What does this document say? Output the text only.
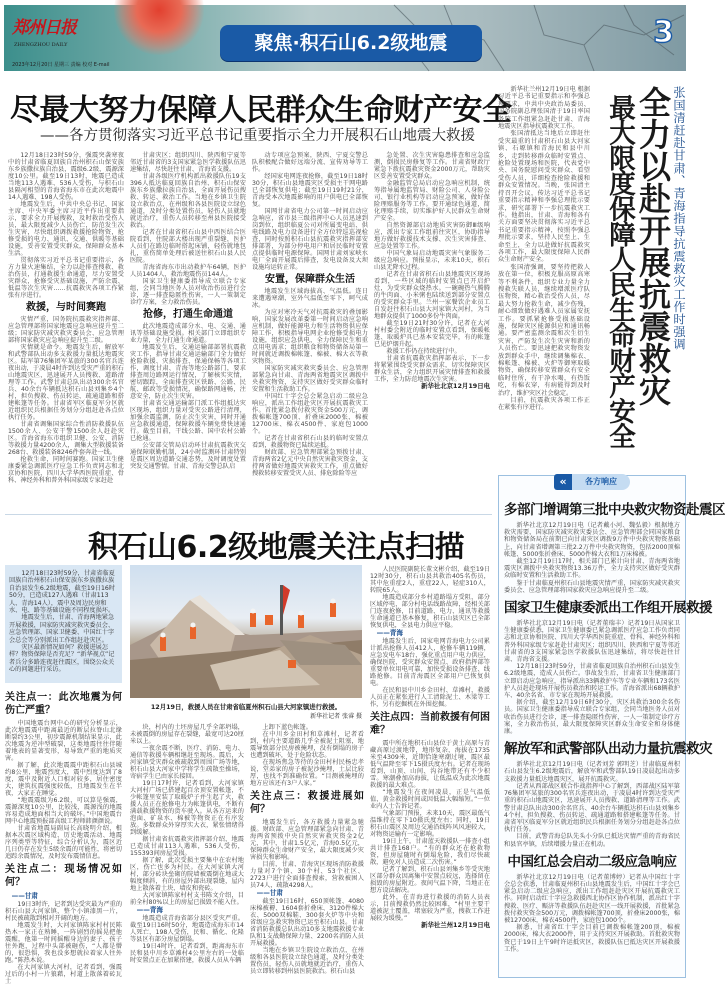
郑州日报
ZHENGZHOU DAILY	聚焦·积石山6.2级地震	3
2023年12月20日 星期三 责编 校对 E-mail
尽最大努力保障人民群众生命财产安全
——各方贯彻落实习近平总书记重要指示全力开展积石山地震大救援

12月18日23时59分，强震突袭寒夜中的甘肃省临夏回族自治州积石山保安族东乡族撒拉族自治县，震级6.2级，震源深度10公里。截至19日13时，地震已造成当地113人遇难、536人受伤，与积石山县隔河相望的青海省海东市在此次地震中14人遇难、198人受伤。

地震发生后，中共中央总书记、国家主席、中央军委主席习近平作出重要指示，要求全力开展搜救，及时救治受伤人员，最大限度减少人员伤亡，防范发生次生灾害，尽快组织调拨救援抢险物资，抢修受损的电力、通讯、交通、供暖等基础设施，妥善安置受灾群众，保障群众基本生活。

贯彻落实习近平总书记重要指示，各方力量火速集结，全力以赴排查搜救、救治伤员，打通救援生命通道，尽力安置受灾群众，抢修受灾基础设施，严防余震、低温等次生灾害……抗震救灾各项工作紧张有序进行。

救援，与时间赛跑

灾情严重，国务院抗震救灾指挥部、应急管理部将国家地震应急响应提升至二级；国家防灾减灾救灾委员会、应急管理部将国家救灾应急响应提升至二级。

灾情就是命令。地震发生后，解放军和武警部队出动多支救援力量抵达地震灾区。陆军第76集团军某旅的300名官兵连夜出动，于凌晨4时许到达受灾严重的积石山地震灾区，迅速展开人员搜救、道路清理等工作。武警甘肃总队出动300余名官兵、40余台车辆抵达积石山县刘集乡4个村，担负搜救、伤员转运、疏通道路和搭建帐篷等任务。甘肃省军区临夏军分区就近组织民兵根据任务划分分组赶赴各点位执行任务。

甘肃省调集国家综合性消防救援队伍1500余人、公安干警1500余人赶赴灾区。青海省海东市组织卫健、公安、消防等救援力量4200余人，调集大型救援装备268台、救援装备8246件套奔赴一线。

抢救生命，同时间赛跑。国家卫生健康委紧急调派医疗应急工作负责同志和北京协和医院、四川大学华西医院重症、骨科、神经外科和普外科国家级专家赶赴

甘肃灾区；组织四川、陕西和宁夏等邻近甘肃省的3支国家紧急医学救援队伍迅速集结，尽快赶往甘肃、青海省支援。

甘肃各级医疗机构派出救援队伍19支396人抵达临夏回族自治州、积石山保安族东乡族撒拉族自治县，全面开展伤员搜救、转运、救治工作。当地在乡镇卫生院设立救治点，在州级和各县医院设立绿色通道，及时分类处置伤员，轻伤人员就地就近治疗，重伤人员转移至州县医院接受救治。

记者在甘肃省积石山县中西医结合医院看到，住院部大楼出现严重裂缝，医护人员们在路边临时搭起床铺，轻伤就地包扎，重伤简单处理后被送往积石山县人民医院。

青海省海东市出动救护车64辆，医护人员1404人，救治地震伤员144人。

国家卫生健康委指导成立联合专家组，会同当地医务人员对收治伤员进行会诊，逐一排查隐匿性伤害，一人一策制定诊疗方案，全力救治伤员。

抢修，打通生命通道

此次地震造成部分水、电、交通、通讯等基础设施受损。相关部门立即组织专业力量，全力打通生命通道。

地震发生后，交通运输部部署抗震救灾工作，指导甘肃交通运输部门全力做好抢险救援、灾损排查、保通保畅等各项工作，调度甘肃、青海等地公路部门，要求排查周边路网运行情况，了解核实灾情，密切跟踪，全面排查灾区铁路、公路、民航、邮政等受损情况，确保路网通畅，注意安全，防止次生灾害。

甘肃省交通运输部门派工作组抵达灾区现场，组织力量对受灾公路进行清理，加强余震监测，防止次生灾害，同时开通应急救援通道，保障救援车辆免费快速通行。截至目前，干线公路、国中农村公路已抢通。

公安部交管局启动环甘肃抗震救灾交通保障联勤机制，24小时监测环甘肃特别是震区周边道路交通态势，及时调度处置突发交通警情。甘肃、青海交警总队启

动专项应急预案，陕西、宁夏交警总队积极配合做好远端分流、宣传劝导等工作。

经国家电网连夜抢修，截至19日18时30分，积石山县地震灾区受损主干网电路已全部恢复供电；截至19日19时21分，青海受本次地震影响的用户供电已全部恢复。

国网甘肃省电力公司第一时间启动应急响应，省市县三级指挥中心人员迅速到岗到位，组织临夏公司对所属变电站、供电线路及电力设备进行全方位特巡巡视检查，同时按照积石山县抗震救灾指挥部安排部署，为部分停电用户和居民临时安置点提供临时电源保障。国网甘肃刘家峡水电厂全面开展震后排查，发电设备及大坝设施均运转正常。

安置，保障群众生活

地震发生区域海拔高、气温低。连日来遭遇寒潮，室外气温低至零下，呵气成冰。

为应对寒冷天气对抗震救灾的叠加影响，国家发展改革委第一时间启动应急响应机制，做好能源电力和生活物资供应保障工作，积极指导电网企业抢修受损电力设施，组织应急供电，全力保障民生和重点用电需求；组织粮食和物资储备局第一时间就近调拨棉帐篷、棉被、棉大衣等救灾物资。

国家防灾减灾救灾委员会、应急管理部紧急向甘肃、青海两省地震灾区调拨中央救灾物资，支持灾区做好受灾群众临时安置和生活救助工作。

中国红十字会总会紧急启动二级应急响应，派出工作组赴灾区开展抗震救灾工作。首批紧急拨付救灾资金500万元，调拨棉帐篷700顶、折叠床2000张、棉被12700床、棉衣4500件、家庭包1000个。

记者在甘肃省积石山县的临时安置点看到，救援物资已陆续运抵。

财政部、应急管理部紧急预拨甘肃、青海两省2亿元中央自然灾害救灾资金，支持两省做好地震灾害救灾工作，重点做好搜救转移安置受灾人员、排危除险等应

急处置、次生灾害隐患排查和应急监测，倒损民房修复等工作。甘肃省财政厅紧急下拨抗震救灾资金2000万元，帮助灾区妥善安置受灾群众。

金融监管总局启动应急响应机制，统筹指导属地监管局、财险公司、人身险公司、银行业机构等启动应急预案，做好保险理赔服务等工作。要开通绿色通道，简化理赔手续，切实维护好人民群众生命财产安全。

自然资源部启动地质灾害防御Ⅲ级响应，派出专家工作组前往灾区，协助指导地方做好救援技术支撑、次生灾害排查、应急处置等工作。

中国气象局启动地震灾害气象服务二级应急响应。预报显示，未来10天，积石山县无降水过程。

记者在甘肃省积石山县地震灾区现场看到，一些区域的临时安置点已开启炉灶，为受灾群众烧热水。一碗碗热气腾腾的牛肉面、小米粥也陆续送到部分安置点的受灾群众手里。兰州一家餐饮企业员工自发赶往积石山县大河家镇大河村，为当地群众提供了1000多份牛肉面。

截至19日21时30分许，记者在大河村村委会附近的临时安置点看到，保暖帐篷、取暖炉具已基本安装完毕，有的帐篷已见炉烟升起。

救援工作仍在持续进行中。

甘肃省抗震救灾指挥部表示，下一步将紧紧围绕受灾群众需求，切实保障灾区群众生活，全力组织开展灾情排查和救援工作，全力防范地震次生灾害。

新华社北京12月19日电

张国清赶赴甘肃、青海指导抗震救灾工作时强调
全力以赴开展抗震救灾
最大限度保障人民生命财产安全

新华社兰州12月19日电 根据习近平总书记重要指示和李强总理要求，中共中央政治局委员、国务院副总理张国清于19日率国务院工作组紧急赶赴甘肃、青海地震灾区指导抗震救灾工作。

张国清抵达当地后立即赶往受灾最重的甘肃积石山县大河家镇、石塬镇和青海民和县中川乡，走到转移群众临时安置点、抢险处置现场和医院，代表党中央、国务院慰问受灾群众、看望受伤人员，详细检查抢险救援和群众安置情况。当晚，张国清主持召开会议，传达习近平总书记重要指示精神和李强总理批示要求，研究部署下一步抗震救灾工作。他指出，甘肃、青海和各有关方面要坚决贯彻落实习近平总书记重要指示精神，按照李强总理批示要求，坚持人民至上、生命至上，全力以赴做好抗震救灾各项工作，最大限度保障人民群众生命财产安全。

张国清强调，要坚持把救人放在第一位，积极克服高原高寒等不利条件，组织专业力量全力搜救失联人员，继续增派医疗队伍物资，精心救治受伤人员，尽最大努力抢救生命，减少伤残，耐心细致做好遇难人员家属安抚工作。要抓紧抢修受损基础设施，保障灾区能源供应和通讯畅通。要严密监测余震和次生衍生灾害，严防发生次生灾害和新的人员伤亡。要迅速把救灾物资发放到群众手中，继续调集棉衣、棉帐篷、棉被、火炉等御寒取暖物资，确保转移安置群众有安全临时住所，有干净水喝，有热饭吃，有棉衣穿，有病能得到及时治疗，维护灾区社会稳定。

目前，抗震救灾各项工作正在紧张有序进行。

«	各方响应
多部门增调第三批中央救灾物资赴震区

新华社北京12月19日电（记者戴小河、魏弘毅）根据地方救灾需要，国家防灾减灾救灾委员会、应急管理部会同国家粮食和物资储备局在前期已向甘肃灾区调拨9万件中央救灾物资基础上，向甘肃省增调第三批2.2万件中央救灾物资，包括2000顶棉帐篷、5000张折叠床、5000件棉大衣和1万床棉被。

截至12月19日17时，相关部门已累计向甘肃、青海两省地震灾区调拨中央救灾物资13.36万件，全力支持灾区做好受灾群众临时安置和生活救助工作。

鉴于甘肃临夏州积石山县地震灾情严重，国家防灾减灾救灾委员会、应急管理部将国家救灾应急响应提升至二级。

国家卫生健康委派出工作组开展救援

新华社北京12月19日电（记者董瑞丰）记者19日从国家卫生健康委获悉，国家卫生健康委已紧急调派医疗应急工作负责同志和北京协和医院、四川大学华西医院重症、骨科、神经外科和普外科国家级专家赶赴甘肃灾区；组织四川、陕西和宁夏等邻近甘肃省的3支国家紧急医学救援队伍迅速集结，将尽快赶往甘肃、青海省支援。

12月18日23时59分，甘肃省临夏回族自治州积石山县发生6.2级地震，造成人员伤亡。事故发生后，甘肃省卫生健康部门立即启动应急响应，指导派出33辆救护车等专业车辆和173名医护人员赶赴现场开展伤员救治和转运工作。青海省派出68辆救护车、40余名省、市专家在现场开展救援。

据介绍，截至12月19日6时30分，灾区共救治300余名伤员。国家卫生健康委指导成立联合专家组，会同当地医务人员对收治伤员进行会诊，逐一排查隐匿性伤害，一人一策制定诊疗方案，全力救治伤员，最大限度保障灾区群众生命安全和身体健康。

解放军和武警部队出动力量抗震救灾

新华社北京12月19日电（记者刘芳 郭明芝）甘肃临夏州积石山县发生6.2级地震后，解放军和武警部队19日凌晨起出动多支救援力量抵达地震灾区，展开抗震救灾。

记者从西部战区联合作战指挥中心了解到，西部战区陆军第76集团军某旅的300名官兵连夜出动，于凌晨4时许到达受灾严重的积石山地震灾区，迅速展开人员搜救、道路清理等工作。武警甘肃总队出动300余名官兵、40余台车辆抵达积石山县刘集乡4个村，担负搜救、伤员转运、疏通道路和搭建帐篷等任务。甘肃省军区临夏军分区就近组织民兵根据任务划分分组赶赴各点位执行任务。

目前，武警青海总队先头小分队已抵达灾情严重的青海省民和县官亭镇，后续增援力量正在机动。

中国红总会启动二级应急响应

新华社北京12月19日电（记者董博婷）记者从中国红十字会总会获悉，甘肃临夏州积石山县地震发生后，中国红十字会已紧急启动二级应急响应，派出工作组赶赴灾区开展抗震救灾工作。同时启动红十字应急救援西北协作区协作机制，派出红十字搜救、医疗、赈济等救援队伍赶赴灾区一线开展救援，首批紧急拨付救灾资金500万元，调拨棉帐篷700顶，折叠床2000张，棉被12700床，棉衣4500件，家庭包1000个。

据悉，甘肃省红十字会目前已调拨棉帐篷200顶，棉被2000床，棉大衣2000件，用于支持灾区开展救助。首批救灾物资已于19日上午9时许运抵灾区，救援队伍已抵达灾区开展救援工作。

积石山6.2级地震关注点扫描

12月18日23时59分，甘肃省临夏回族自治州积石山保安族东乡族撒拉族自治县发生6.2级地震，截至19日16时50分，已造成127人遇难（甘肃113人、青海14人），震中及周边民房和水、电、路等基础设施不同程度损坏。

地震发生后，甘肃、青海两地紧急开展救援，国家防灾减灾救灾委员会、应急管理部、国家卫健委、中国红十字会总会等分别派出工作组赶赴灾区。

灾区最新情况如何？救援进展怎样？物资保障是否充足？“新华视点”记者兵分多路连夜赶往震区，围绕公众关心的问题进行采访。

12月19日，救援人员在甘肃省临夏州积石山县大河家镇进行救援。
新华社记者 张睿 摄
关注点一：此次地震为何伤亡严重？

中国地震台网中心的研究分析显示，此次地震震中距离最近的断层拉脊山北缘断裂约3公里，初步震源机制结果显示，此次地震为逆冲型破裂，这类地震往往伴随着地表的显著变形，易导致严重的地质灾害。

据了解，此次地震震中距积石山县城约8公里，地震烈度大，震中烈度达到了8度，震中及附近人口相对较多，居住密度大，建筑抗震强度较低，且地震发生在半夜，大家正在睡觉。

“地震震级为6.2级，可以算是强震，震源深度10公里，比较浅，震源浅的地震容易造成地面相当大的破坏。”中国地震台网中心地震预报部高级工程师韩颜颜说。

甘肃省地震局副局长高晓明介绍，根据本次震区域构造、历史地震活动、地震序列类型等特征，综合分析认为，震区近几日仍存在发生5级余震的可能性，将密切追踪余震情况，及时发布震情信息。

关注点二：现场情况如何？
——甘肃

19日3时许，记者到达受灾最为严重的积石山县大河家镇，整个小镇漆黑一片，村民被疏散到相对开阔的地方。

地震发生时，大河家镇陈家村村民陈热木一家正在熟睡，一阵剧烈的摇晃把他震醒，他第一时间摇醒身边的妻子、孩子往外跑，过程中头部被砸伤，“人都是懵的，很恐惧，我也没多想就拉着家人往外跑。”陈热木说。

在大河家镇大河村，记者看到，强震过后的小村一片狼藉，村道上散落着砖瓦土

块，村内的土坯房屋几乎全部坍塌，未被震倒的房屋存在裂缝，最宽可达20厘米以上。

一夜余震不断，医疗、消防、电力、通信等救援车辆相继赶至现场。震后，大河家镇受灾群众被疏散到周围广场等地，积石山县大河家中学将学生疏散至操场，寄宿学生已由家长接回。

19日17时许，记者看到，大河家镇大河村广场已搭建起百余顶安置帐篷，不少帐篷里安装了取暖炉子并生起了火，救援人员正在抢修电力为帐篷供电，不断有满载救援物资的货车驶入。从各方运来的泡面、矿泉水、棉被等物资正在有序发放。多数群众外穿厚实大衣，紧张情绪得到缓解。

据甘肃省抗震救灾指挥部介绍，地震已造成甘肃113人遇难，536人受伤，155393间房屋受损。

据了解，此次受损主要集中在农村地区，伤亡也多为村民。在大河家镇大河村，部分砖块垒砌的院墙被震倒在地或大幅度倾斜，有的房屋外部出现裂缝，屋内地上散落着土块、墙皮和瓷砖。

大河家镇陈家村村支书陈文介绍，目前全村80%以上的房屋已损毁不能入住。

——青海

地震造成青海省部分县区受灾严重。截至19日16时50分，地震造成海东市14人死亡，198人受伤，民和、循化、化隆等县区有部分房屋倒塌。

19日4时许，记者看到，距离海东市民和县中川乡草滩村4公里左右的一处临时安置点正在加紧搭建，救援人员从车辆

上卸下蓝色帐篷。

在中川乡金田村和草滩村，记者看到，村内主要道路几乎全被泥土阻塞，地震导致部分民房被掩埋，没有倒塌的房子也遭到破坏，处于危险状态。

在现场焦急等待的金田村村民杨忠孝说，堂弟家的房子被泥沙掩埋，土层比较厚，也找不到准确位置。“目测被掩埋的地方应该还有3户人家。”

关注点三：救援进展如何？

地震发生后，各方救援力量紧急驰援。财政部、应急管理部紧急向甘肃、青海两省预拨中央自然灾害救灾资金2亿元，其中，甘肃1.5亿元，青海0.5亿元，保障群众生命财产安全，最大限度减少灾害损失和影响。

目前，甘肃、青海灾区现场消防救援力量对7个镇、30个村、53个社区、2723户进行全面排查搜索，营救被困人员74人，疏散4298人。

——甘肃

截至19日16时，650顶帐篷、4080床棉被褥、1604套折叠床、3120件棉大衣、5000双棉鞋、300套火炉等中央和省级应急救灾物资已运至积石山县。甘肃省消防救援总队出动10多支地震救援专业队和1支战勤保障力量、2200名消防人员开展救援。

当地在乡镇卫生院设立救治点，在州级和各县医院设立绿色通道，及时分类处置伤员，轻伤人员就地就近治疗，重伤人员立即转移到州县医院救治。积石山县

人民医院副院长董文彬介绍，截至19日12时30分，积石山县共救治405名伤员，其中危重症2人，重症22人，轻症310人，转院65人。

地震造成部分乡村道路塌方受阻，部分区域停电，部分村电话线路故障，经相关部门连夜抢修，目前道路、电力、通讯等救援生命通道已基本修复，积石山县灾区已全部恢复供电，全县电力供应平稳。

——青海

地震发生后，国家电网青海电力公司累计派出抢修人员412人，抢修车辆119辆，应急发电车18台，强化重点用户电力供应，确保医院、受灾群众安置点、政府指挥部等重要单位用电可靠，加快受损设备排查、线路抢修。目前青海震区全部用户已恢复供电。

在民和县中川乡金田村、草滩村，救援人员正在紧张进行人工清除泥土、木梁等工作，另有挖掘机在外围挖掘。

关注点四：当前救援有何困难？

震中所在地积石山县位于黄土高原与青藏高原过渡地带，地形复杂，海拔在1735米至4309米，近期恰逢寒潮过境，震区最低气温降至零下15摄氏度左右。记者在现场看到，山顶、山间、沟谷地带还有不少积雪。寒潮叠加高海拔，让低温成为此次地震救援的最大难点。

“地震发生在夜间凌晨，正是气温低值，黄金救援时间或因低温大幅缩短。”一位业内人士告诉记者。

气象部门预报，未来10天，震区最低气温维持在零下10摄氏度左右；同时，19日积石山震区及周边交通沿线阵风风速较大，对物资运输有一定影响。

19日上午，甘肃蓝天救援队一排查小组共计排查168户。“有的群众还在抢救物资，但房屋随时有倒塌危险，我们尽快疏散，避免对人员造成二次伤害。”

记者了解到，积石山县刘集乡等受灾地区部分群众因离集中安置点较远，选择留在损毁的房屋附近。夜间气温下降，当地正在想方设法解决。

此外，在青海进行救援的消防人员表示，目前搜救仍然比较困难，“村里主要干道被泥土覆盖，堵塞较为严重，搜救工作进展较为缓慢。”

新华社兰州12月19日电
